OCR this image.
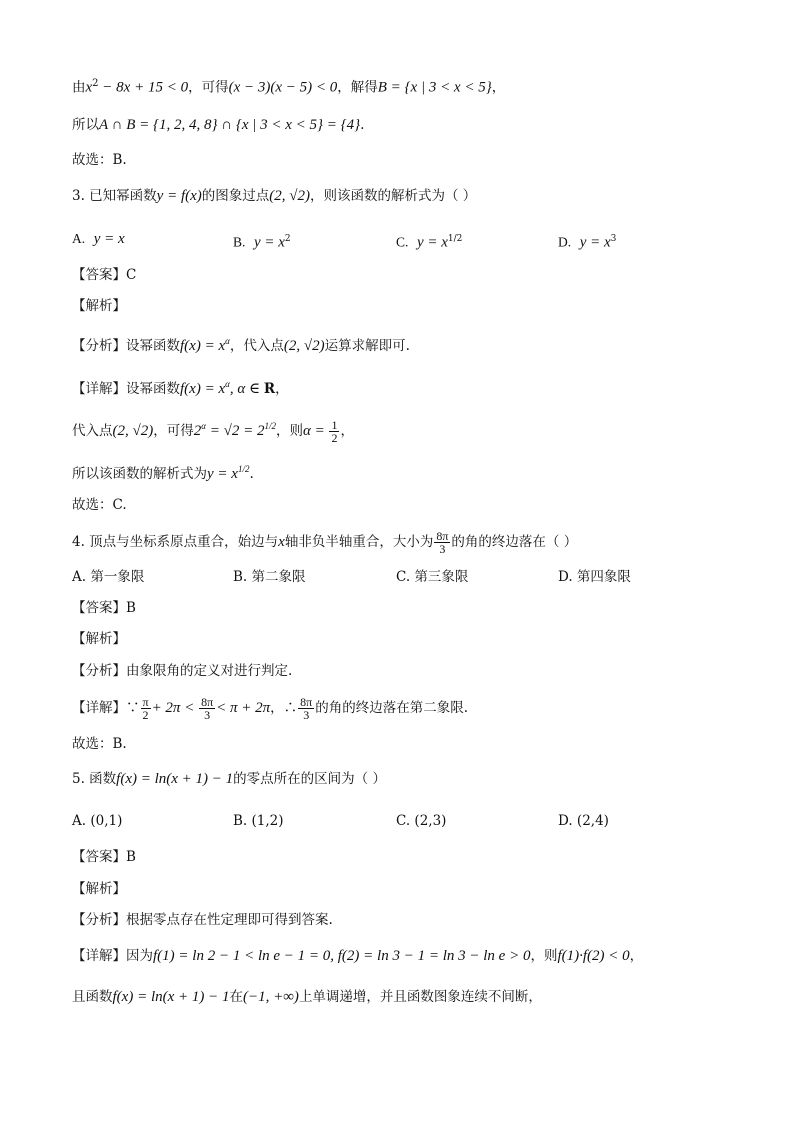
由$x^2 - 8x + 15 < 0$，可得(x − 3)(x − 5) < 0，解得B = {x | 3 < x < 5}，
所以A ∩ B = {1, 2, 4, 8} ∩ {x | 3 < x < 5} = {4}.
故选：B.
3. 已知幂函数y = f(x)的图象过点(2, √2)，则该函数的解析式为（ ）
A. y = x	B. $y = x^2$	C. $y = x^{1/2}$	D. $y = x^3$
【答案】C
【解析】
【分析】设幂函数$f(x) = x^\alpha$，代入点(2, √2)运算求解即可.
【详解】设幂函数$f(x) = x^\alpha$, α ∈ R，
代入点(2, √2)，可得$2^\alpha = √2 = 2^{1/2}$，则$\alpha = \frac{1}{2}$ ，
所以该函数的解析式为$y = x^{1/2}$.
故选：C.
4. 顶点与坐标系原点重合，始边与x轴非负半轴重合，大小为 $\frac{8\pi}{3}$ 的角的终边落在（ ）
A. 第一象限	B. 第二象限	C. 第三象限	D. 第四象限
【答案】B
【解析】
【分析】由象限角的定义对进行判定.
【详解】∵ $\frac{\pi}{2} + 2\pi < \frac{8\pi}{3} < \pi + 2\pi$，∴ $\frac{8\pi}{3}$ 的角的终边落在第二象限.
故选：B.
5. 函数f(x) = ln(x + 1) − 1的零点所在的区间为（ ）
A. (0,1)	B. (1,2)	C. (2,3)	D. (2,4)
【答案】B
【解析】
【分析】根据零点存在性定理即可得到答案.
【详解】因为f(1) = ln 2 − 1 < ln e − 1 = 0, f(2) = ln 3 − 1 = ln 3 − ln e > 0，则f(1)·f(2) < 0，
且函数f(x) = ln(x + 1) − 1在(−1, +∞)上单调递增，并且函数图象连续不间断，
